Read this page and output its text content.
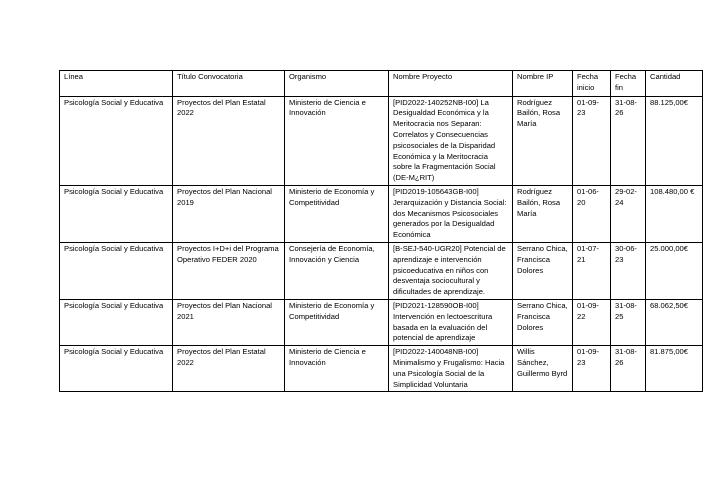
Línea	Título Convocatoria	Organismo	Nombre Proyecto	Nombre IP	Fecha inicio	Fecha fin	Cantidad
Psicología Social y Educativa	Proyectos del Plan Estatal 2022	Ministerio de Ciencia e Innovación	[PID2022-140252NB-I00] La Desigualdad Económica y la Meritocracia nos Separan: Correlatos y Consecuencias psicosociales de la Disparidad Económica y la Meritocracia sobre la Fragmentación Social (DE-M¿RIT)	Rodríguez Bailón, Rosa María	01-09-23	31-08-26	88.125,00€
Psicología Social y Educativa	Proyectos del Plan Nacional 2019	Ministerio de Economía y Competitividad	[PID2019-105643GB-I00] Jerarquización y Distancia Social: dos Mecanismos Psicosociales generados por la Desigualdad Económica	Rodríguez Bailón, Rosa María	01-06-20	29-02-24	108.480,00 €
Psicología Social y Educativa	Proyectos I+D+i del Programa Operativo FEDER 2020	Consejería de Economía, Innovación y Ciencia	[B-SEJ-540-UGR20] Potencial de aprendizaje e intervención psicoeducativa en niños con desventaja sociocultural y dificultades de aprendizaje.	Serrano Chica, Francisca Dolores	01-07-21	30-06-23	25.000,00€
Psicología Social y Educativa	Proyectos del Plan Nacional 2021	Ministerio de Economía y Competitividad	[PID2021-128590OB-I00] Intervención en lectoescritura basada en la evaluación del potencial de aprendizaje	Serrano Chica, Francisca Dolores	01-09-22	31-08-25	68.062,50€
Psicología Social y Educativa	Proyectos del Plan Estatal 2022	Ministerio de Ciencia e Innovación	[PID2022-140048NB-I00] Minimalismo y Frugalismo: Hacia una Psicología Social de la Simplicidad Voluntaria	Willis Sánchez, Guillermo Byrd	01-09-23	31-08-26	81.875,00€
